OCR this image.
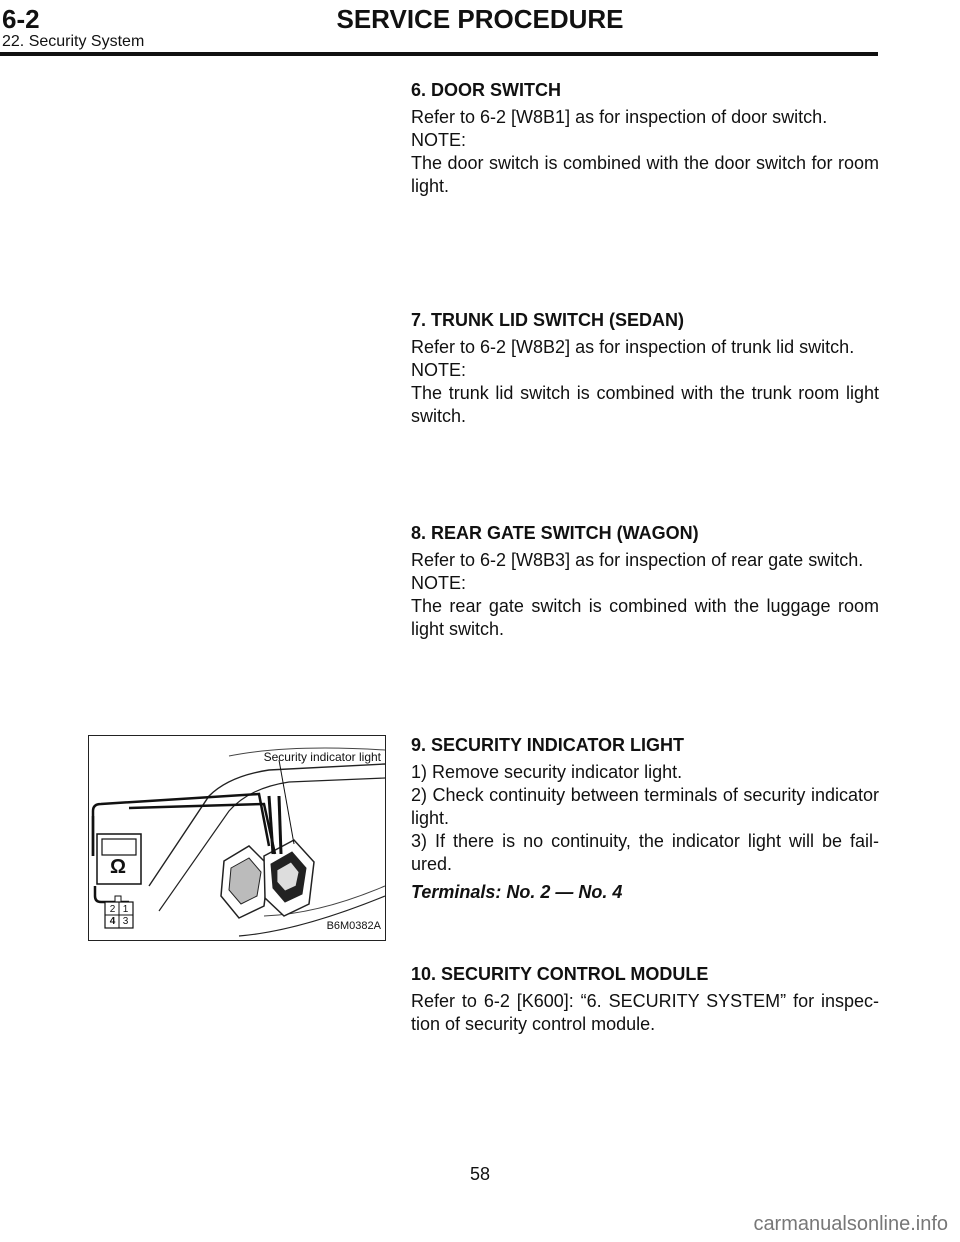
6-2	SERVICE PROCEDURE
22. Security System
6. DOOR SWITCH

Refer to 6-2 [W8B1] as for inspection of door switch.

NOTE:

The door switch is combined with the door switch for room light.

7. TRUNK LID SWITCH (SEDAN)

Refer to 6-2 [W8B2] as for inspection of trunk lid switch.

NOTE:

The trunk lid switch is combined with the trunk room light switch.

8. REAR GATE SWITCH (WAGON)

Refer to 6-2 [W8B3] as for inspection of rear gate switch.

NOTE:

The rear gate switch is combined with the luggage room light switch.

9. SECURITY INDICATOR LIGHT

1) Remove security indicator light.

2) Check continuity between terminals of security indicator light.

3) If there is no continuity, the indicator light will be fail-ured.

Terminals: No. 2 — No. 4

10. SECURITY CONTROL MODULE

Refer to 6-2 [K600]: “6. SECURITY SYSTEM” for inspec-tion of security control module.

Ω
2 1
4 3
Security indicator light
B6M0382A
58
carmanualsonline.info
